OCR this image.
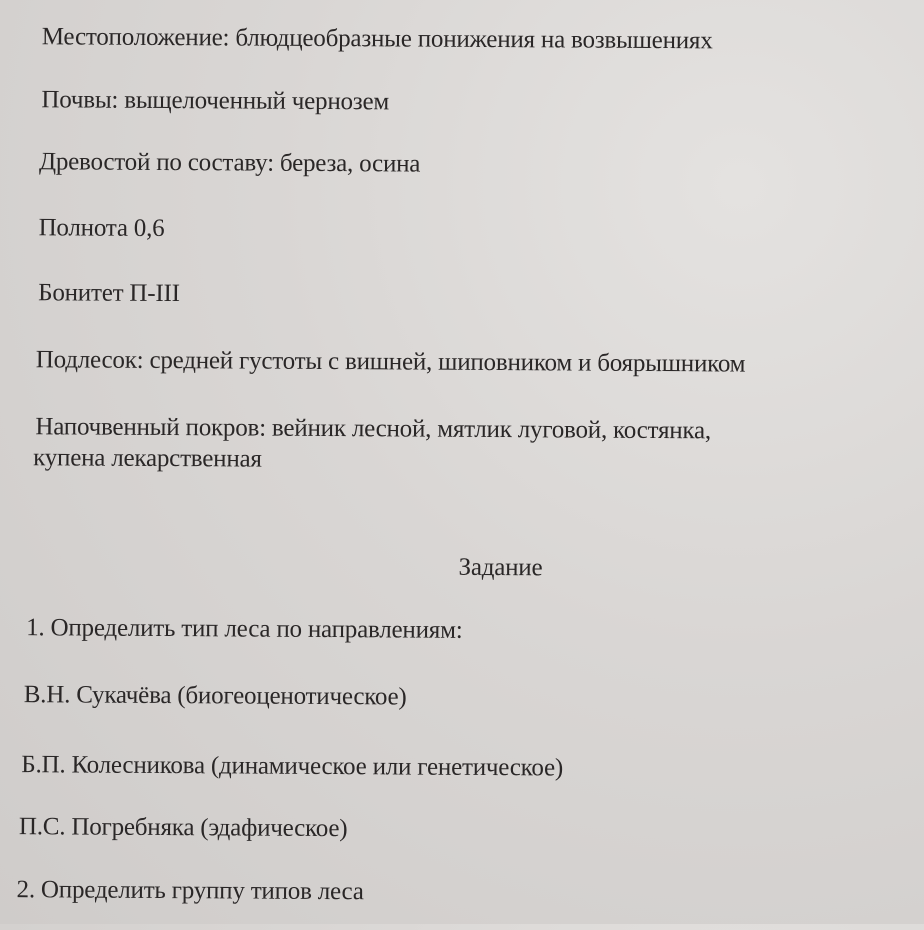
Местоположение: блюдцеобразные понижения на возвышениях
Почвы: выщелоченный чернозем
Древостой по составу: береза, осина
Полнота 0,6
Бонитет П-III
Подлесок: средней густоты с вишней, шиповником и боярышником
Напочвенный покров: вейник лесной, мятлик луговой, костянка,
купена лекарственная
Задание
1. Определить тип леса по направлениям:
В.Н. Сукачёва (биогеоценотическое)
Б.П. Колесникова (динамическое или генетическое)
П.С. Погребняка (эдафическое)
2. Определить группу типов леса
